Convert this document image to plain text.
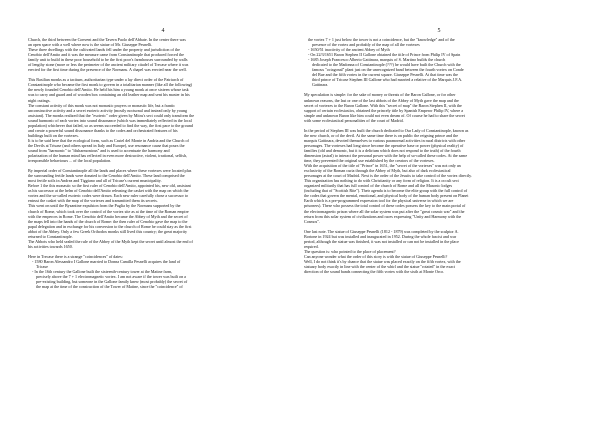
4
Church, the third between the Convent and the Tavern Paolo dell'Abbate. In the center there was
an open space with a well where now is the statue of Mr. Giuseppe Pesnelli.
These three dwellings with the cultivated lands fell under the property and jurisdiction of the
Cenobio dell'Amito and it was the measure came from Constantinople that produced forced the
family unit to build in these poor household to be the first poor's farmhouses surrounded by walls
of lengthy stone (more or less the perimeter of the ancient military citadel of Trecase where it was
erected for the first time during the presence of the Normans. A chapel was erected near the well.
This Basilian monks as a taciturn, authoritarian type under a lay direct order of the Patriarch of
Constantinople who became the first monk to govern in a totalitarian manner (like all the following)
the newly founded Cenobio dell'Amito. He held his him a young monk at once sixteen whose task
was to carry and guard and of wooden box containing an old leather map and sent his master in his
night outings.
The constant activity of this monk was not monastic prayers or monastic life, but a frantic
unconstructive activity and a secret esoteric activity (mostly nocturnal and instead only by young
assistant). The monks realized that the "esoteric" order given by Mitru's sect could only transform the
sound harmonic of each vortex into sound dissonance (which was immediately reflected in the local
population) whichever that failed, so as seems succeeded to find the way, the first pace to the ground
and create a powerful sound dissonance thanks to the codes and orchestrated features of his
buildings built on the vortexes.
It is to be said here that the ecological form, such as Castel del Monte in Andria and the Church of
the Devils at Trisase (and others spread in Italy and Europe), use resonance cause that pours the
sound from "harmonic" to "disharmonious" and is used to accentuate the harmony and
polarization of the human mind has reflected in even more destructive, violent, irrational, selfish,
irresponsible behaviours ... of the local population.
By imperial order of Constantinople all the lands and places where these vortexes were located plus
the surrounding fertile lands were donated to the Cenobio dell'Amito. These land comprised the
most fertile soils in Andrea and Tiggiano and all of Tricase's current municipality.
Before 1 the this monastic so the first ruler of Cenobio dell'Amito, appointed his, new old, assistant
as his successor at the helm of Cenobio dell'Amito releasing the casket with the map on which the
vortex and the so-called esoteric codes were drawn. Each new ruler carefully chose a successor to
entrust the casket with the map of the vortexes and transmitted them its secrets.
This went on until the Byzantine expulsion from the Puglia by the Normans supported by the
church of Rome, which took over the control of the vortex site as at the time of the Roman empire
with the emperors in Rome. The Cenobio dell'Amito became the Abbey of Myth and the secret of
the maps fell into the hands of the church of Rome: the then ruler of Cenobio gave the map to the
papal delegation and in exchange for his conversion to the church of Rome he could stay as the first
abbot of the Abbey. Only a few Greek Orthodox monks still lived this country; the great majority
returned to Constantinople.
The Abbots who held sealed the rule of the Abbey of the Myth kept the secret until almost the end of
his activities towards 1650.
Here in Trecase there is a strange "coincidences" of dates:
- 1580 Baron Alessandro I Gallone married to Donna Camilla Pesnelli acquires the land of
Tricase
- In the 16th century the Gallone built the sixteenth-century tower at the Matine farm,
precisely above the 7 + 1 electromagnetic vortex. I am not aware if the tower was built on a
pre-existing building, but someone in the Gallone family knew (most probably) the secret of
the map at the time of the construction of the Tower of Matine, since the "coincidence" of
5
the vortex 7 + 1 just below the tower is not a coincidence, but the "knowledge" and of the
presence of the vortex and probably of the map of all the vortexes
- 1650/51 inactivity of the ancient Abbey of Myth
- On 22/3/1651 Baron Stephen II Gallone obtained the title of Prince from Philip IV of Spain
- 1685 Joseph Francesco Alberto Gattinara, marquis of S. Martino builds the church
dedicated to the Madonna of Constantinople (???) he would have built the Church with the
famous "octagonal" plant just on the unrecognized band between the fourth vortex on Conde
del Bue and the fifth vortex in the current square. Giuseppe Pesnelli. At that time was the
third prince of Tricase Stephen III Gallone who had married a relative of the Marquis J.F.A.
Gattinara.
My speculation is simple: for the sake of money or threats of the Baron Gallone, or for other
unknown reasons, the last or one of the last abbots of the Abbey of Myth gave the map and the
secret of vortexes to the Baron Gallone. With this "secret of map" the Baron Stephen II, with the
support of certain ecclesiastics, obtained the princely title by Spanish Emperor Philip IV, where a
simple and unknown Baron like him could not even dream of. Of course he had to share the secret
with some ecclesiastical personalities of the court of Madrid.
In the period of Stephen III was built the church dedicated to Our Lady of Constantinople, known as
the new church, or of the devil. At the same time there is on public the reigning prince and the
marquis Gattinara, devoted themselves to various paranormal activities in rural districts with other
personages. The vortexes had long since become the operative base or power (physical reality) of
families (old and demonic, but it is a delirium which does not respond to the truth) of the fourth
dimension (astral) to interact the personal power with the help of so-called these codes. At the same
time, they prevented the original use established by the creators of the vortexes.
With the acquisition of the title of "Prince" in 1651, the "secret of the vortexes" was not only an
exclusivity of the Roman curia through the Abbey of Myth, but also of dark ecclesiastical
personages at the court of Madrid. Next is the order of the Jesuits to take control of the vortex directly.
This organization has nothing to do with Christianity or any form of religion. It is a occult sect
organized militarily that has full control of the church of Rome and all the Masonic lodges
(including that of "Scottish Rite"). Their agenda is to become the elite group with the full control of
the codes that govern the mental, emotional, and physical body of the human body present on Planet
Earth which is a pre-programmed expression tool for the physical universe in which we are
prisoners). These who possess the total control of these codes possess the key to the main portal of
the electromagnetic prison where all the solar system was put after the "great cosmic war" and the
return from this solar system of civilizations and races expressing "Unity and Harmony with the
Cosmos".
One last note. The statue of Giuseppe Pesnelli (1812 - 1879) was completed by the sculptor A.
Bortone in 1924 but was installed and inaugurated in 1952. During the whole fascist and war
period, although the statue was finished, it was not installed or can not be installed in the place
required.
The question is: who pointed to the place of placement?
Can anyone wonder what the order of this story is with the statue of Giuseppe Pesnelli?
Well, I do not think it's by chance that the statue was placed exactly on the fifth vortex, with the
statuary body exactly in line with the center of the whirl and the statue "rotated" in the exact
direction of the sound bands connecting the fifth vortex with the sixth at Monte Orco.
